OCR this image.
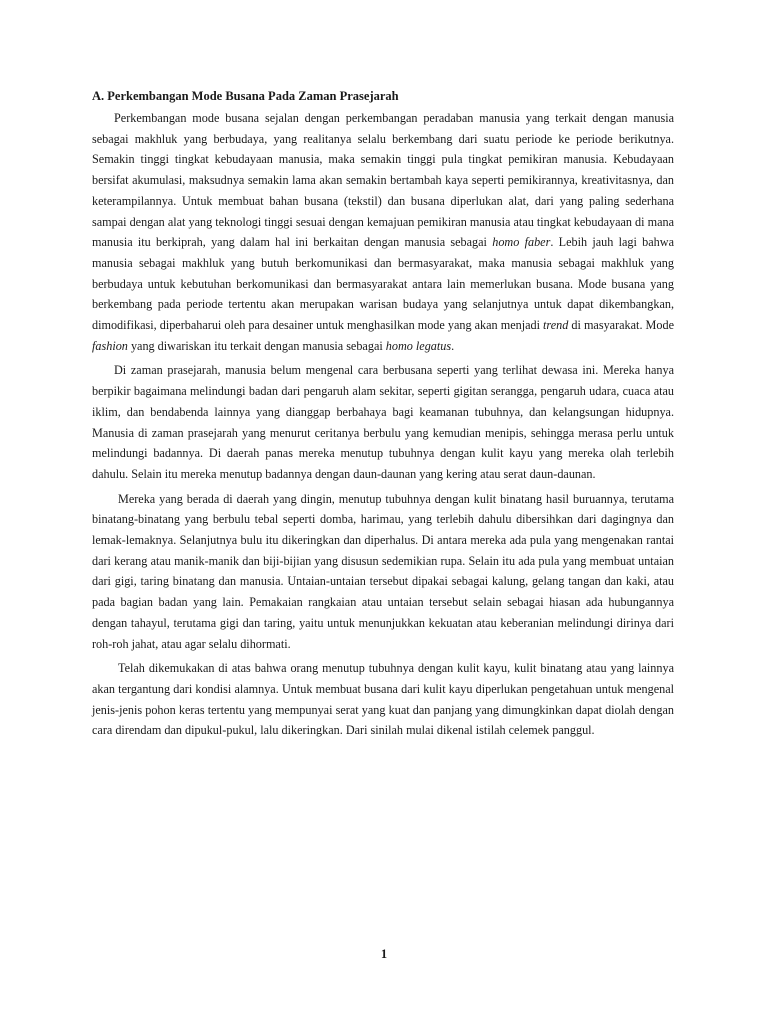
A. Perkembangan Mode Busana Pada Zaman Prasejarah

Perkembangan mode busana sejalan dengan perkembangan peradaban manusia yang terkait dengan manusia sebagai makhluk yang berbudaya, yang realitanya selalu berkembang dari suatu periode ke periode berikutnya. Semakin tinggi tingkat kebudayaan manusia, maka semakin tinggi pula tingkat pemikiran manusia. Kebudayaan bersifat akumulasi, maksudnya semakin lama akan semakin bertambah kaya seperti pemikirannya, kreativitasnya, dan keterampilannya. Untuk membuat bahan busana (tekstil) dan busana diperlukan alat, dari yang paling sederhana sampai dengan alat yang teknologi tinggi sesuai dengan kemajuan pemikiran manusia atau tingkat kebudayaan di mana manusia itu berkiprah, yang dalam hal ini berkaitan dengan manusia sebagai homo faber. Lebih jauh lagi bahwa manusia sebagai makhluk yang butuh berkomunikasi dan bermasyarakat, maka manusia sebagai makhluk yang berbudaya untuk kebutuhan berkomunikasi dan bermasyarakat antara lain memerlukan busana. Mode busana yang berkembang pada periode tertentu akan merupakan warisan budaya yang selanjutnya untuk dapat dikembangkan, dimodifikasi, diperbaharui oleh para desainer untuk menghasilkan mode yang akan menjadi trend di masyarakat. Mode fashion yang diwariskan itu terkait dengan manusia sebagai homo legatus.

Di zaman prasejarah, manusia belum mengenal cara berbusana seperti yang terlihat dewasa ini. Mereka hanya berpikir bagaimana melindungi badan dari pengaruh alam sekitar, seperti gigitan serangga, pengaruh udara, cuaca atau iklim, dan bendabenda lainnya yang dianggap berbahaya bagi keamanan tubuhnya, dan kelangsungan hidupnya. Manusia di zaman prasejarah yang menurut ceritanya berbulu yang kemudian menipis, sehingga merasa perlu untuk melindungi badannya. Di daerah panas mereka menutup tubuhnya dengan kulit kayu yang mereka olah terlebih dahulu. Selain itu mereka menutup badannya dengan daun-daunan yang kering atau serat daun-daunan.

Mereka yang berada di daerah yang dingin, menutup tubuhnya dengan kulit binatang hasil buruannya, terutama binatang-binatang yang berbulu tebal seperti domba, harimau, yang terlebih dahulu dibersihkan dari dagingnya dan lemak-lemaknya. Selanjutnya bulu itu dikeringkan dan diperhalus. Di antara mereka ada pula yang mengenakan rantai dari kerang atau manik-manik dan biji-bijian yang disusun sedemikian rupa. Selain itu ada pula yang membuat untaian dari gigi, taring binatang dan manusia. Untaian-untaian tersebut dipakai sebagai kalung, gelang tangan dan kaki, atau pada bagian badan yang lain. Pemakaian rangkaian atau untaian tersebut selain sebagai hiasan ada hubungannya dengan tahayul, terutama gigi dan taring, yaitu untuk menunjukkan kekuatan atau keberanian melindungi dirinya dari roh-roh jahat, atau agar selalu dihormati.

Telah dikemukakan di atas bahwa orang menutup tubuhnya dengan kulit kayu, kulit binatang atau yang lainnya akan tergantung dari kondisi alamnya. Untuk membuat busana dari kulit kayu diperlukan pengetahuan untuk mengenal jenis-jenis pohon keras tertentu yang mempunyai serat yang kuat dan panjang yang dimungkinkan dapat diolah dengan cara direndam dan dipukul-pukul, lalu dikeringkan. Dari sinilah mulai dikenal istilah celemek panggul.

1
